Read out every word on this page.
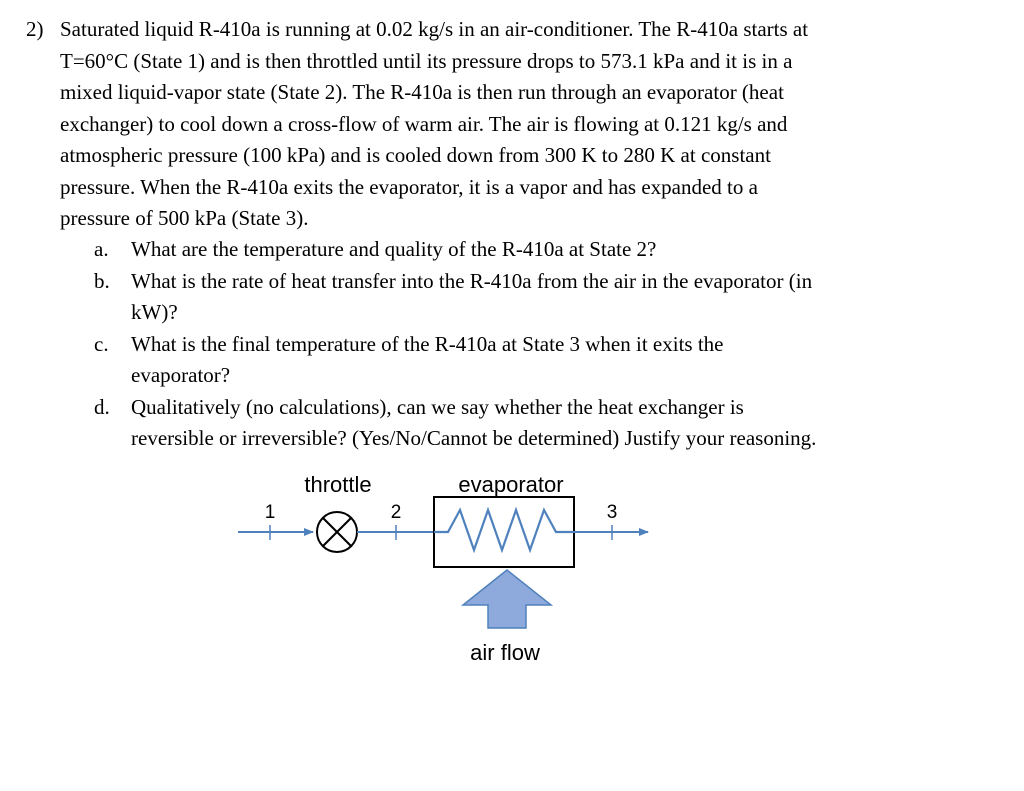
2) Saturated liquid R-410a is running at 0.02 kg/s in an air-conditioner. The R-410a starts at
T=60°C (State 1) and is then throttled until its pressure drops to 573.1 kPa and it is in a
mixed liquid-vapor state (State 2). The R-410a is then run through an evaporator (heat
exchanger) to cool down a cross-flow of warm air. The air is flowing at 0.121 kg/s and
atmospheric pressure (100 kPa) and is cooled down from 300 K to 280 K at constant
pressure. When the R-410a exits the evaporator, it is a vapor and has expanded to a
pressure of 500 kPa (State 3).
a. What are the temperature and quality of the R-410a at State 2?
b. What is the rate of heat transfer into the R-410a from the air in the evaporator (in
kW)?
c. What is the final temperature of the R-410a at State 3 when it exits the
evaporator?
d. Qualitatively (no calculations), can we say whether the heat exchanger is
reversible or irreversible? (Yes/No/Cannot be determined) Justify your reasoning.
throttle	evaporator
1	2	3
air flow
